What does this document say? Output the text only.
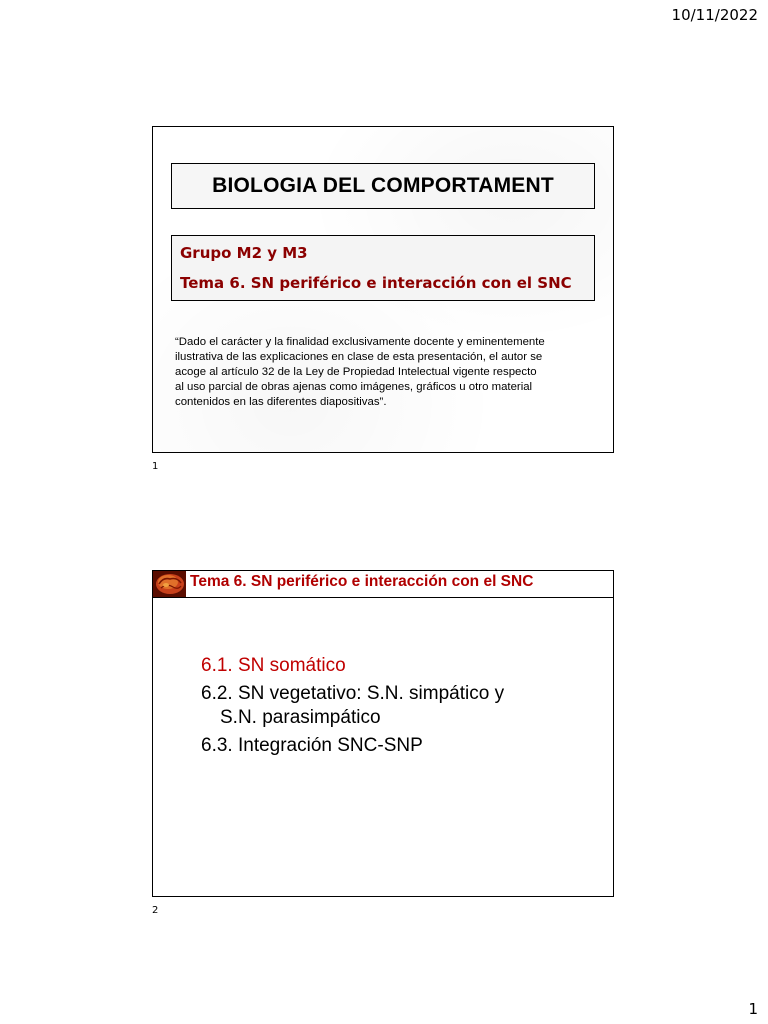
10/11/2022
BIOLOGIA DEL COMPORTAMENT
Grupo M2 y M3
Tema 6. SN periférico e interacción con el SNC
“Dado el carácter y la finalidad exclusivamente docente y eminentemente
ilustrativa de las explicaciones en clase de esta presentación, el autor se
acoge al artículo 32 de la Ley de Propiedad Intelectual vigente respecto
al uso parcial de obras ajenas como imágenes, gráficos u otro material
contenidos en las diferentes diapositivas”.
1
Tema 6. SN periférico e interacción con el SNC
6.1. SN somático
6.2. SN vegetativo: S.N. simpático y
S.N. parasimpático
6.3. Integración SNC-SNP
2
1
